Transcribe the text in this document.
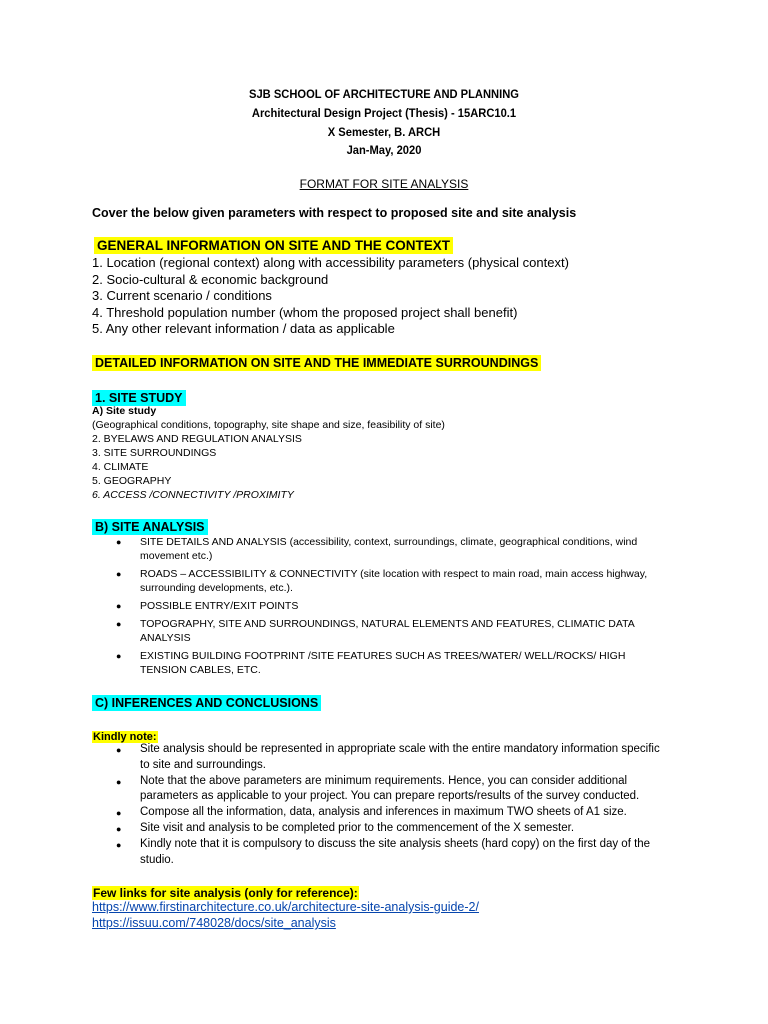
SJB SCHOOL OF ARCHITECTURE AND PLANNING
Architectural Design Project (Thesis) - 15ARC10.1
X Semester, B. ARCH
Jan-May, 2020
FORMAT FOR SITE ANALYSIS
Cover the below given parameters with respect to proposed site and site analysis
GENERAL INFORMATION ON SITE AND THE CONTEXT
1. Location (regional context) along with accessibility parameters (physical context)
2. Socio-cultural & economic background
3. Current scenario / conditions
4. Threshold population number (whom the proposed project shall benefit)
5. Any other relevant information / data as applicable
DETAILED INFORMATION ON SITE AND THE IMMEDIATE SURROUNDINGS
1. SITE STUDY
A) Site study
(Geographical conditions, topography, site shape and size, feasibility of site)
2. BYELAWS AND REGULATION ANALYSIS
3. SITE SURROUNDINGS
4. CLIMATE
5. GEOGRAPHY
6. ACCESS /CONNECTIVITY /PROXIMITY
B) SITE ANALYSIS
●	SITE DETAILS AND ANALYSIS (accessibility, context, surroundings, climate, geographical conditions, wind
movement etc.)
●	ROADS – ACCESSIBILITY & CONNECTIVITY (site location with respect to main road, main access highway,
surrounding developments, etc.).
●	POSSIBLE ENTRY/EXIT POINTS
●	TOPOGRAPHY, SITE AND SURROUNDINGS, NATURAL ELEMENTS AND FEATURES, CLIMATIC DATA
ANALYSIS
●	EXISTING BUILDING FOOTPRINT /SITE FEATURES SUCH AS TREES/WATER/ WELL/ROCKS/ HIGH
TENSION CABLES, ETC.
C) INFERENCES AND CONCLUSIONS
Kindly note:
●	Site analysis should be represented in appropriate scale with the entire mandatory information specific
to site and surroundings.
●	Note that the above parameters are minimum requirements. Hence, you can consider additional
parameters as applicable to your project. You can prepare reports/results of the survey conducted.
●	Compose all the information, data, analysis and inferences in maximum TWO sheets of A1 size.
●	Site visit and analysis to be completed prior to the commencement of the X semester.
●	Kindly note that it is compulsory to discuss the site analysis sheets (hard copy) on the first day of the
studio.
Few links for site analysis (only for reference):
https://www.firstinarchitecture.co.uk/architecture-site-analysis-guide-2/
https://issuu.com/748028/docs/site_analysis
